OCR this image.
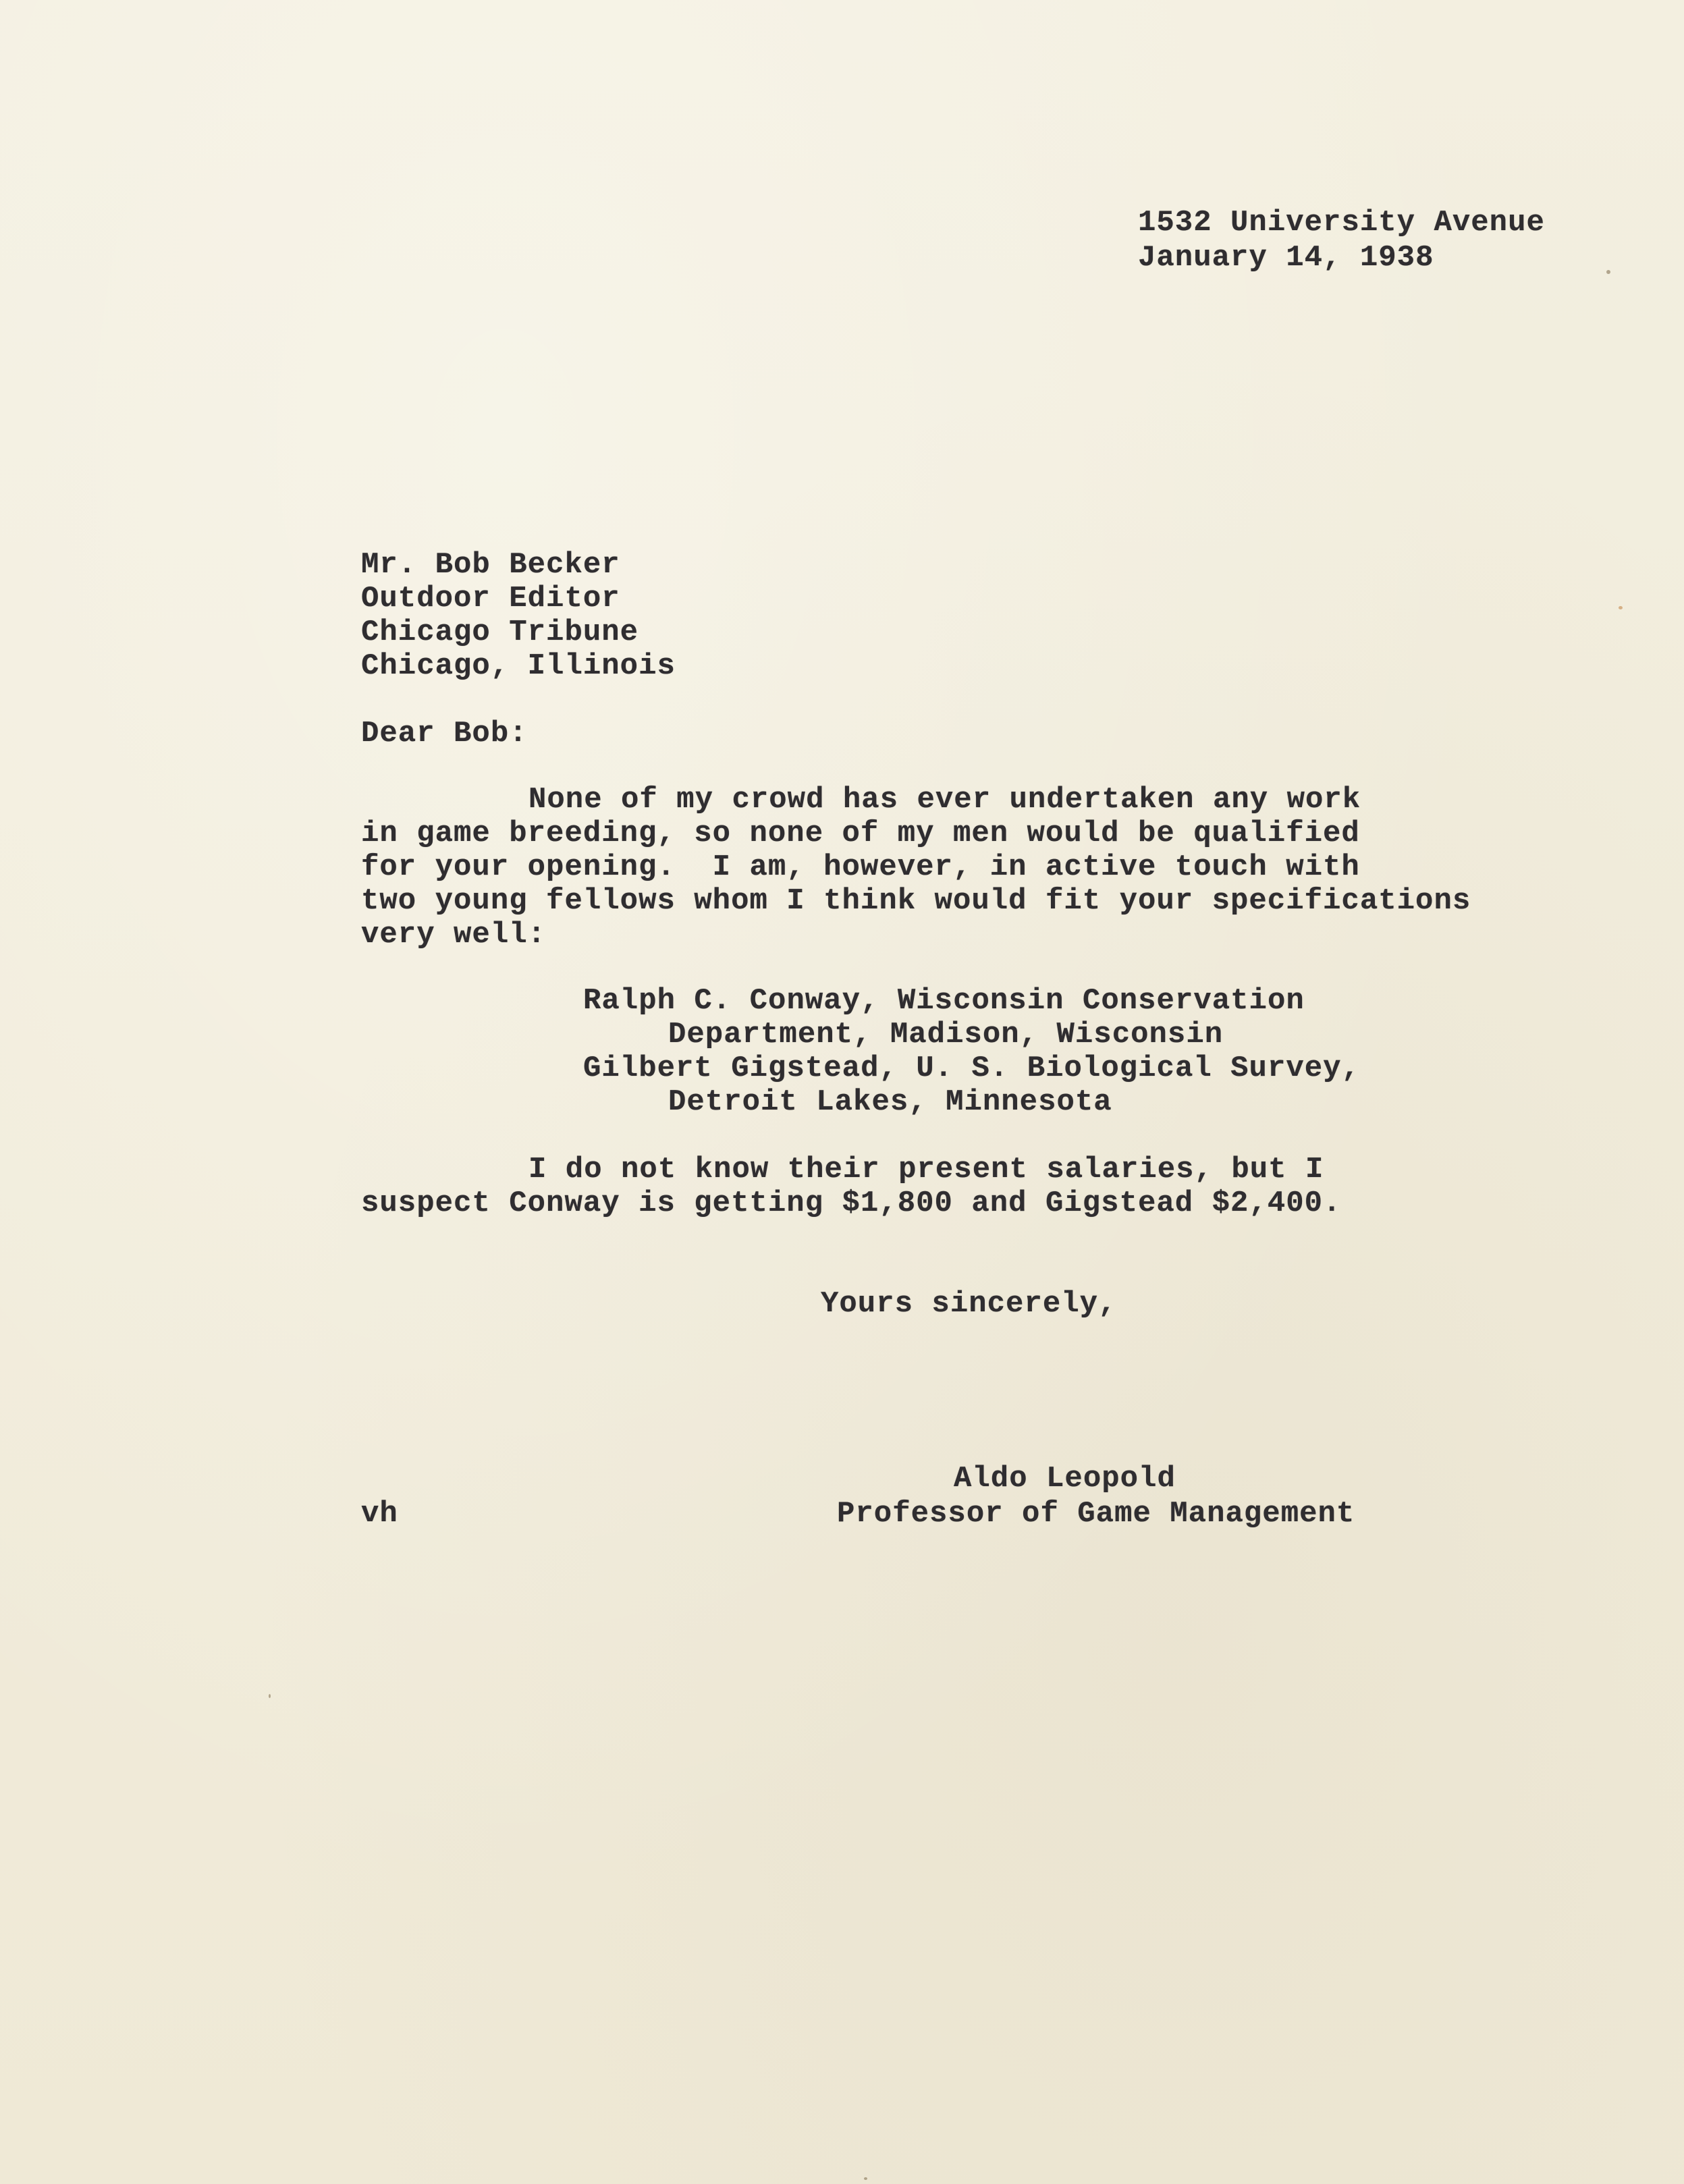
1532 University Avenue

January 14, 1938

Mr. Bob Becker

Outdoor Editor

Chicago Tribune

Chicago, Illinois

Dear Bob:

None of my crowd has ever undertaken any work

in game breeding, so none of my men would be qualified

for your opening.  I am, however, in active touch with

two young fellows whom I think would fit your specifications

very well:

Ralph C. Conway, Wisconsin Conservation

Department, Madison, Wisconsin

Gilbert Gigstead, U. S. Biological Survey,

Detroit Lakes, Minnesota

I do not know their present salaries, but I

suspect Conway is getting $1,800 and Gigstead $2,400.

Yours sincerely,

Aldo Leopold

Professor of Game Management

vh
